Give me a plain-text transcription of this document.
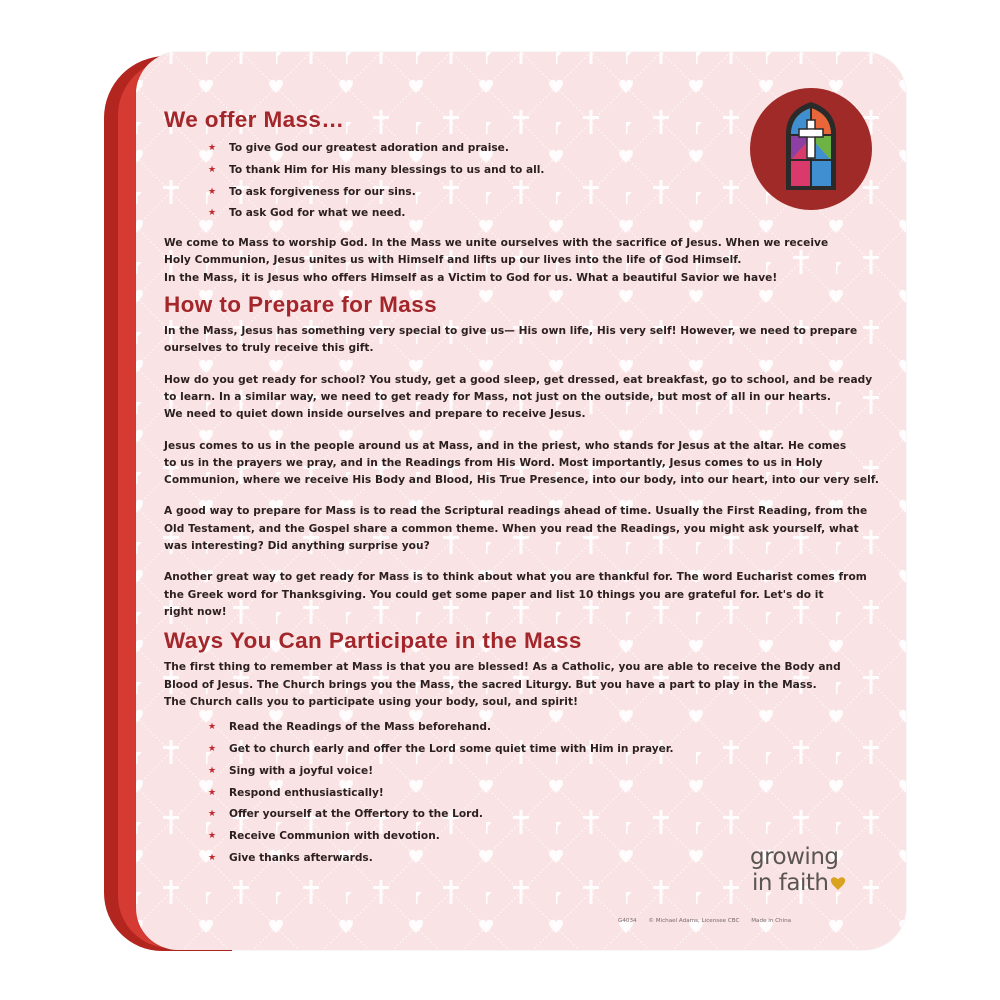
We offer Mass…
★ To give God our greatest adoration and praise.
★ To thank Him for His many blessings to us and to all.
★ To ask forgiveness for our sins.
★ To ask God for what we need.

We come to Mass to worship God. In the Mass we unite ourselves with the sacrifice of Jesus. When we receive
Holy Communion, Jesus unites us with Himself and lifts up our lives into the life of God Himself.
In the Mass, it is Jesus who offers Himself as a Victim to God for us. What a beautiful Savior we have!

How to Prepare for Mass

In the Mass, Jesus has something very special to give us— His own life, His very self! However, we need to prepare
ourselves to truly receive this gift.

How do you get ready for school? You study, get a good sleep, get dressed, eat breakfast, go to school, and be ready
to learn. In a similar way, we need to get ready for Mass, not just on the outside, but most of all in our hearts.
We need to quiet down inside ourselves and prepare to receive Jesus.

Jesus comes to us in the people around us at Mass, and in the priest, who stands for Jesus at the altar. He comes
to us in the prayers we pray, and in the Readings from His Word. Most importantly, Jesus comes to us in Holy
Communion, where we receive His Body and Blood, His True Presence, into our body, into our heart, into our very self.

A good way to prepare for Mass is to read the Scriptural readings ahead of time. Usually the First Reading, from the
Old Testament, and the Gospel share a common theme. When you read the Readings, you might ask yourself, what
was interesting? Did anything surprise you?

Another great way to get ready for Mass is to think about what you are thankful for. The word Eucharist comes from
the Greek word for Thanksgiving. You could get some paper and list 10 things you are grateful for. Let's do it
right now!

Ways You Can Participate in the Mass

The first thing to remember at Mass is that you are blessed! As a Catholic, you are able to receive the Body and
Blood of Jesus. The Church brings you the Mass, the sacred Liturgy. But you have a part to play in the Mass.
The Church calls you to participate using your body, soul, and spirit!

★ Read the Readings of the Mass beforehand.
★ Get to church early and offer the Lord some quiet time with Him in prayer.
★ Sing with a joyful voice!
★ Respond enthusiastically!
★ Offer yourself at the Offertory to the Lord.
★ Receive Communion with devotion.
★ Give thanks afterwards.	growing
in faith
G4034 © Michael Adams, Licensee CBC Made in China
